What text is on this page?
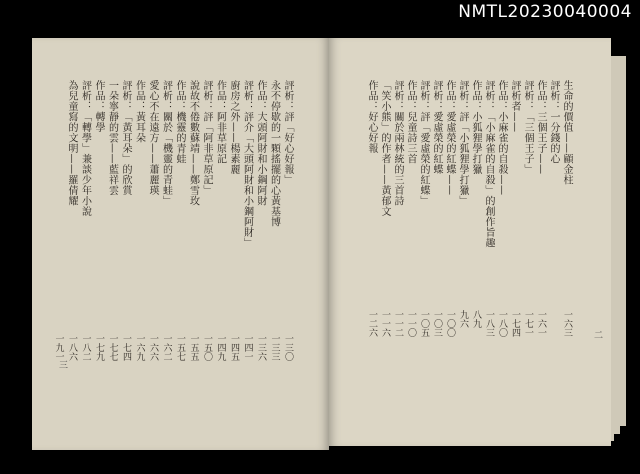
NMTL20230040004
三
評析：評「好心好報」
一三〇
永不停歇的一顆搖擺的心黃基博
一三三
作品：大頭阿財和小鋼阿財
一三六
評析：評介「大頭阿財和小鋼阿財」
一四一
廚房之外——楊素麗
一四五
作品：阿非草原記
一四九
評析：評「阿非草原記」
一五〇
說故不倦數蘇靖——鄭雪玫
一五五
作品：機靈的青蛙
一五七
評析：關於「機靈的青蛙」
一六二
愛心不在遠方——蕭麗瑛
一六六
作品：黃耳朵
一六九
評析：「黃耳朵」的欣賞
一七四
一朵寧靜的雲——藍祥雲
一七七
作品：轉學
一七九
評析：「轉學」兼談少年小說
一八二
為兒童寫的文明——羅倩耀
一八六
一九一	二
生命的價值——顧金柱
一六三
評析：一分錢的心
作品：三個王子——
一六一
評析：「三個王子」
一七一
評析者——
一七四
作品：小麻雀的自殺——
一八〇
評析：「小麻雀的自殺」的創作旨趣
一八三
作品：小狐狸學打獵
八九
評析：評「小狐狸學打獵」
九六
作品：愛虛榮的紅蝶——
一〇〇
評析：愛虛榮的紅蝶
一〇三
評析：評「愛虛榮的紅蝶」
一〇五
作品：兒童詩三首
一一〇
評析：關於兩林統的三首詩
一一二
「笑小熊」的作者——黃郁文
一一六
作品：好心好報
一二六
